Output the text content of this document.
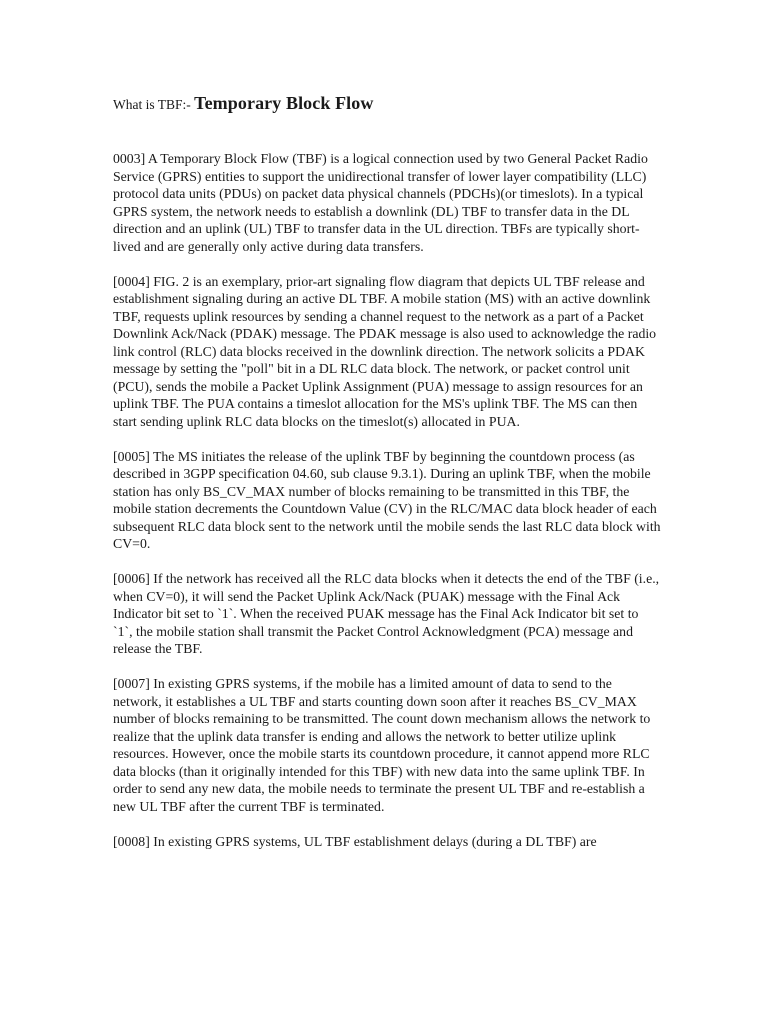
What is TBF:- Temporary Block Flow

0003] A Temporary Block Flow (TBF) is a logical connection used by two General Packet Radio Service (GPRS) entities to support the unidirectional transfer of lower layer compatibility (LLC) protocol data units (PDUs) on packet data physical channels (PDCHs)(or timeslots). In a typical GPRS system, the network needs to establish a downlink (DL) TBF to transfer data in the DL direction and an uplink (UL) TBF to transfer data in the UL direction. TBFs are typically short-lived and are generally only active during data transfers.

[0004] FIG. 2 is an exemplary, prior-art signaling flow diagram that depicts UL TBF release and establishment signaling during an active DL TBF. A mobile station (MS) with an active downlink TBF, requests uplink resources by sending a channel request to the network as a part of a Packet Downlink Ack/Nack (PDAK) message. The PDAK message is also used to acknowledge the radio link control (RLC) data blocks received in the downlink direction. The network solicits a PDAK message by setting the "poll" bit in a DL RLC data block. The network, or packet control unit (PCU), sends the mobile a Packet Uplink Assignment (PUA) message to assign resources for an uplink TBF. The PUA contains a timeslot allocation for the MS's uplink TBF. The MS can then start sending uplink RLC data blocks on the timeslot(s) allocated in PUA.

[0005] The MS initiates the release of the uplink TBF by beginning the countdown process (as described in 3GPP specification 04.60, sub clause 9.3.1). During an uplink TBF, when the mobile station has only BS_CV_MAX number of blocks remaining to be transmitted in this TBF, the mobile station decrements the Countdown Value (CV) in the RLC/MAC data block header of each subsequent RLC data block sent to the network until the mobile sends the last RLC data block with CV=0.

[0006] If the network has received all the RLC data blocks when it detects the end of the TBF (i.e., when CV=0), it will send the Packet Uplink Ack/Nack (PUAK) message with the Final Ack Indicator bit set to `1`. When the received PUAK message has the Final Ack Indicator bit set to `1`, the mobile station shall transmit the Packet Control Acknowledgment (PCA) message and release the TBF.

[0007] In existing GPRS systems, if the mobile has a limited amount of data to send to the network, it establishes a UL TBF and starts counting down soon after it reaches BS_CV_MAX number of blocks remaining to be transmitted. The count down mechanism allows the network to realize that the uplink data transfer is ending and allows the network to better utilize uplink resources. However, once the mobile starts its countdown procedure, it cannot append more RLC data blocks (than it originally intended for this TBF) with new data into the same uplink TBF. In order to send any new data, the mobile needs to terminate the present UL TBF and re-establish a new UL TBF after the current TBF is terminated.

[0008] In existing GPRS systems, UL TBF establishment delays (during a DL TBF) are
